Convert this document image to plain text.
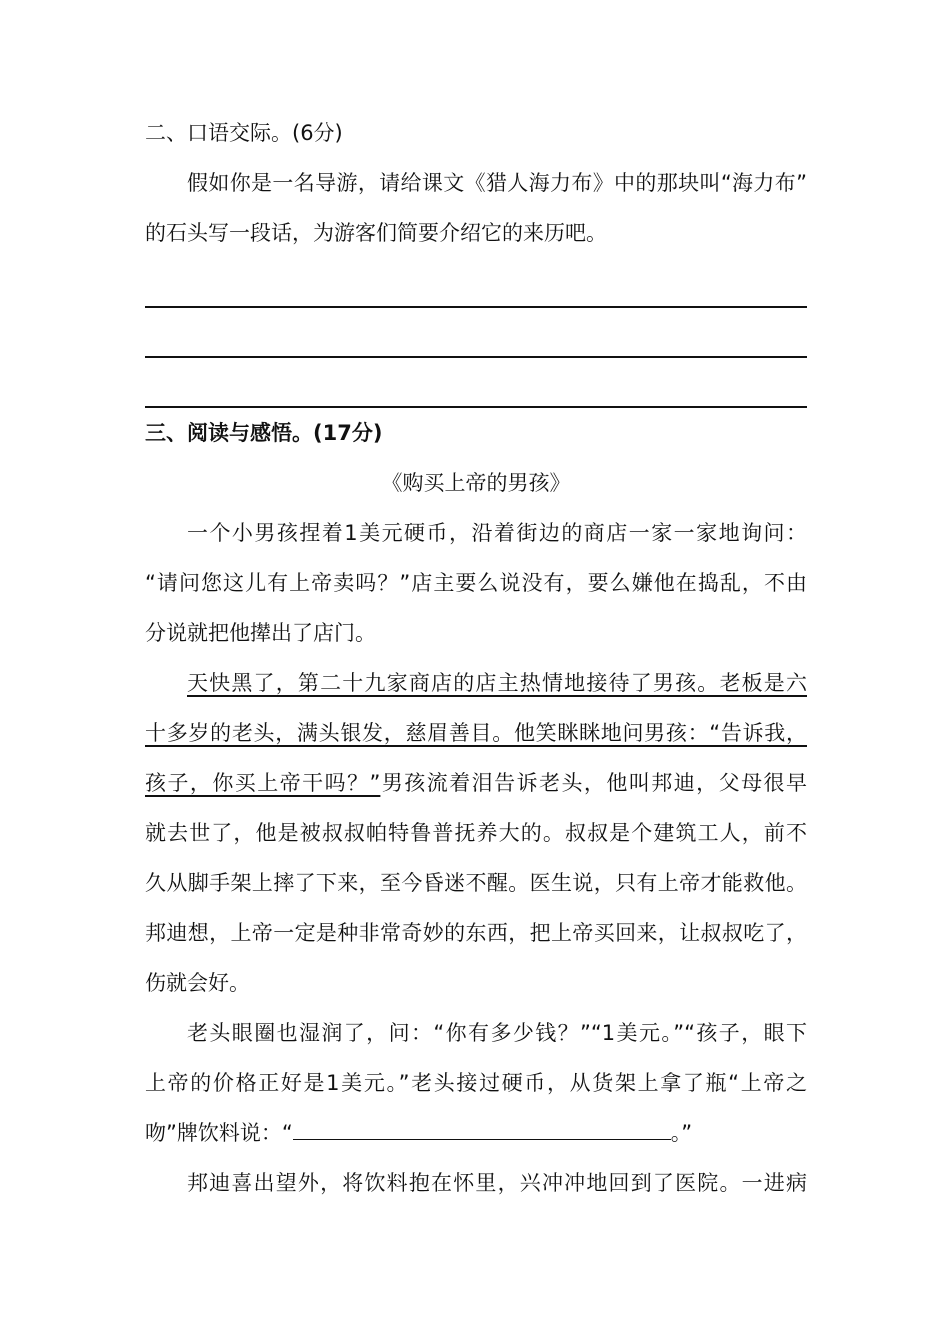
二、口语交际。(6分)
假如你是一名导游，请给课文《猎人海力布》中的那块叫“海力布”
的石头写一段话，为游客们简要介绍它的来历吧。
三、阅读与感悟。(17分)
《购买上帝的男孩》
一个小男孩捏着1美元硬币，沿着街边的商店一家一家地询问：
“请问您这儿有上帝卖吗？”店主要么说没有，要么嫌他在捣乱，不由
分说就把他撵出了店门。
天快黑了，第二十九家商店的店主热情地接待了男孩。老板是六
十多岁的老头，满头银发，慈眉善目。他笑眯眯地问男孩：“告诉我，
孩子，你买上帝干吗？”男孩流着泪告诉老头，他叫邦迪，父母很早
就去世了，他是被叔叔帕特鲁普抚养大的。叔叔是个建筑工人，前不
久从脚手架上摔了下来，至今昏迷不醒。医生说，只有上帝才能救他。
邦迪想，上帝一定是种非常奇妙的东西，把上帝买回来，让叔叔吃了，
伤就会好。
老头眼圈也湿润了，问：“你有多少钱？”“1美元。”“孩子，眼下
上帝的价格正好是1美元。”老头接过硬币，从货架上拿了瓶“上帝之
吻”牌饮料说：“	。”
邦迪喜出望外，将饮料抱在怀里，兴冲冲地回到了医院。一进病
